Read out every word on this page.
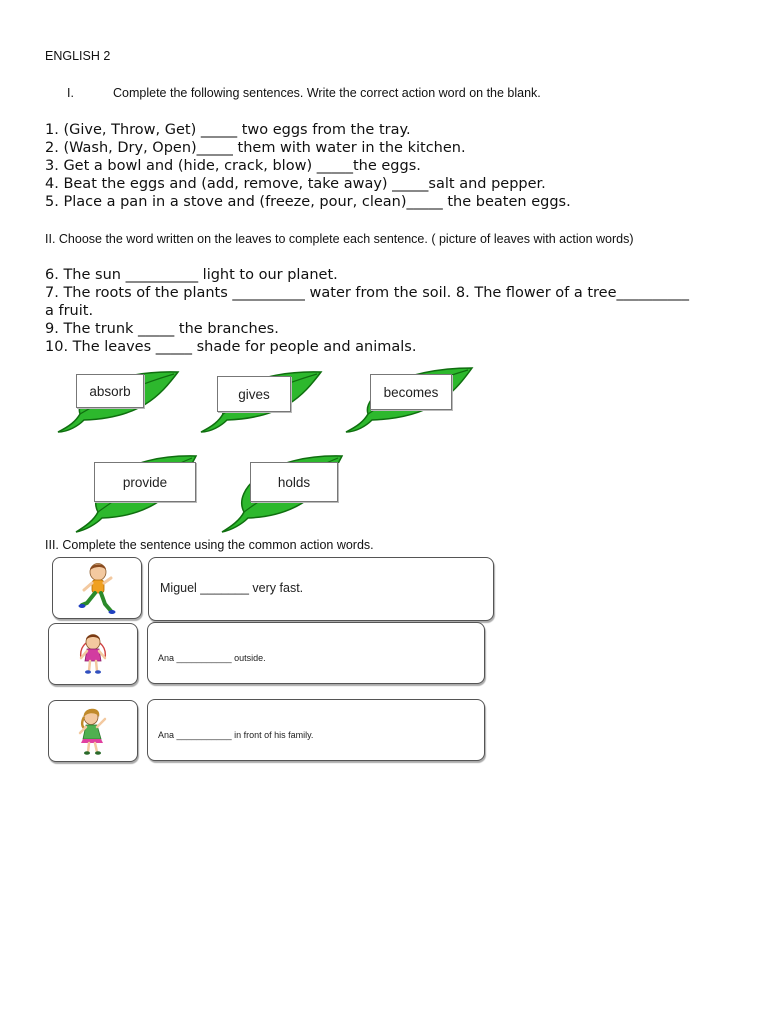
ENGLISH 2
I.	Complete the following sentences. Write the correct action word on the blank.
1. (Give, Throw, Get) _____ two eggs from the tray.
2. (Wash, Dry, Open)_____ them with water in the kitchen.
3. Get a bowl and (hide, crack, blow) _____the eggs.
4. Beat the eggs and (add, remove, take away) _____salt and pepper.
5. Place a pan in a stove and (freeze, pour, clean)_____ the beaten eggs.
II. Choose the word written on the leaves to complete each sentence. ( picture of leaves with action words)
6. The sun __________ light to our planet.
7. The roots of the plants __________ water from the soil. 8. The flower of a tree__________
a fruit.
9. The trunk _____ the branches.
10. The leaves _____ shade for people and animals.
absorb	gives	becomes
provide	holds
III. Complete the sentence using the common action words.
Miguel _______ very fast.
Ana ___________ outside.
Ana ___________ in front of his family.
